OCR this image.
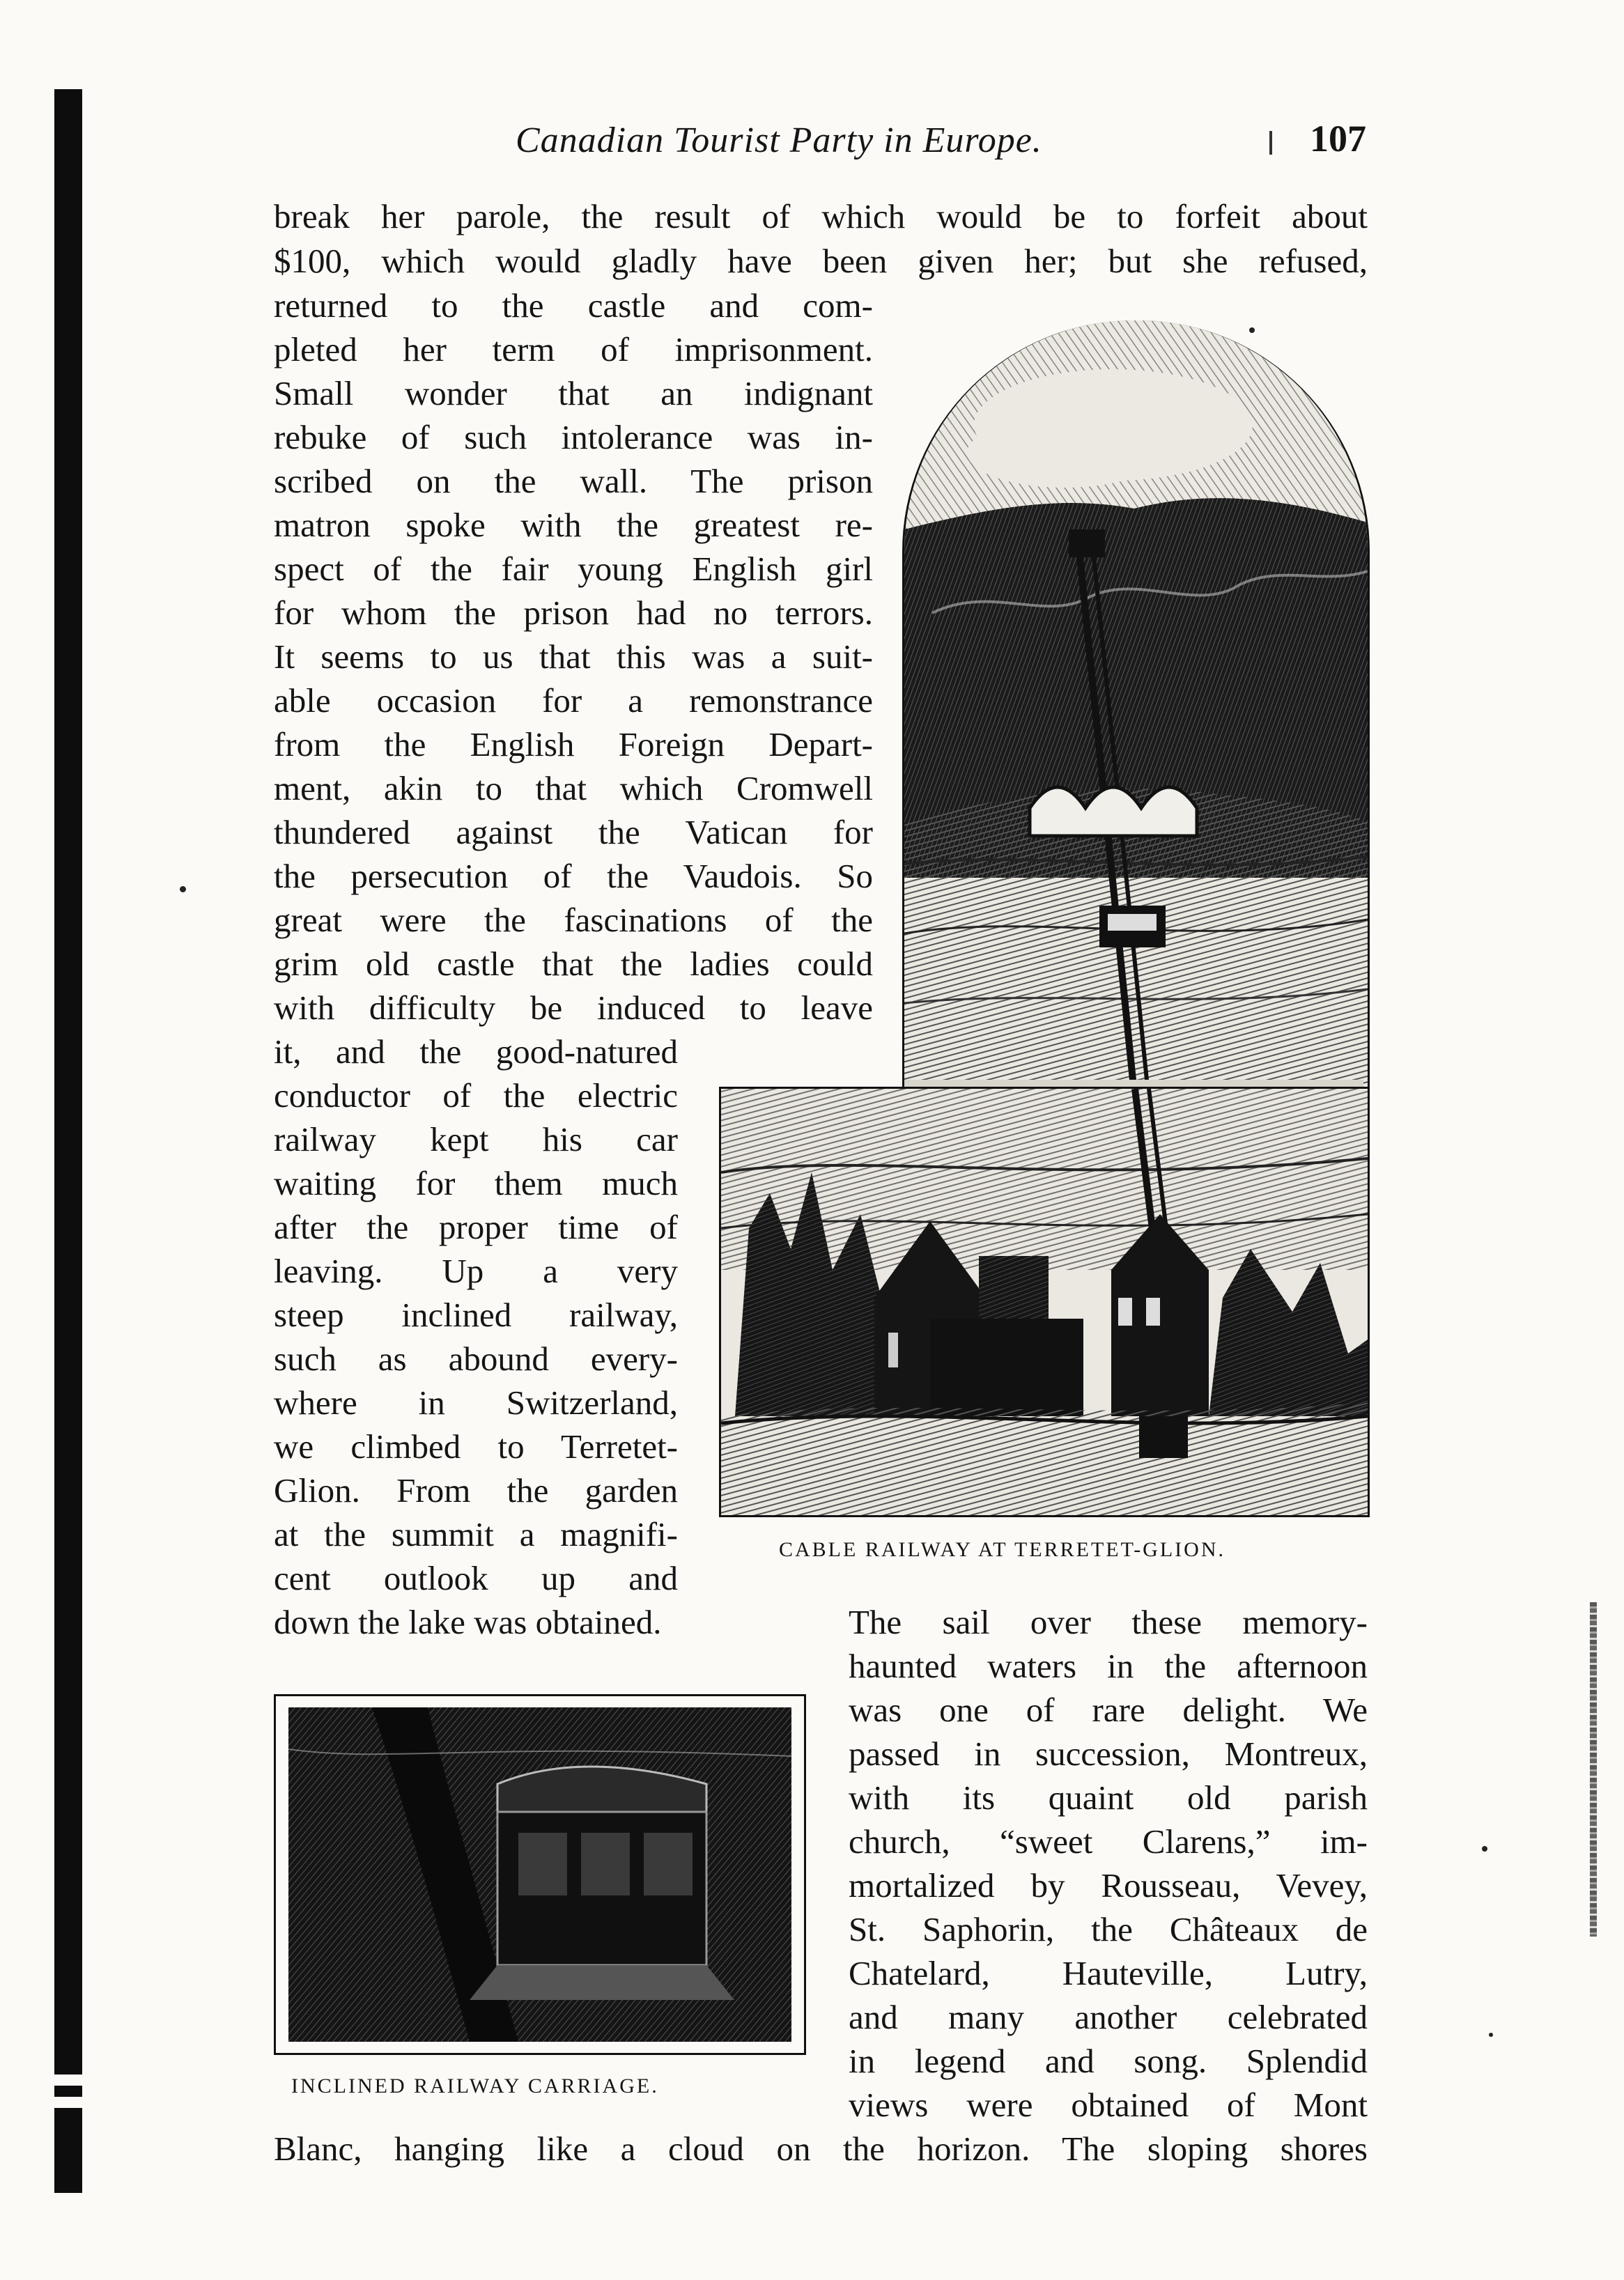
Canadian Tourist Party in Europe.	107
break her parole, the result of which would be to forfeit about
$100, which would gladly have been given her; but she refused,
returned to the castle and com-
pleted her term of imprisonment.
Small wonder that an indignant
rebuke of such intolerance was in-
scribed on the wall. The prison
matron spoke with the greatest re-
spect of the fair young English girl
for whom the prison had no terrors.
It seems to us that this was a suit-
able occasion for a remonstrance
from the English Foreign Depart-
ment, akin to that which Cromwell
thundered against the Vatican for
the persecution of the Vaudois. So
great were the fascinations of the
grim old castle that the ladies could
with difficulty be induced to leave
it, and the good-natured
conductor of the electric
railway kept his car
waiting for them much
after the proper time of
leaving. Up a very
steep inclined railway,
such as abound every-
where in Switzerland,
we climbed to Terretet-
Glion. From the garden
at the summit a magnifi-
cent outlook up and
down the lake was obtained.	The sail over these memory-
haunted waters in the afternoon
was one of rare delight. We
passed in succession, Montreux,
with its quaint old parish
church, “sweet Clarens,” im-
mortalized by Rousseau, Vevey,
St. Saphorin, the Châteaux de
Chatelard, Hauteville, Lutry,
and many another celebrated
in legend and song. Splendid
views were obtained of Mont
Blanc, hanging like a cloud on the horizon. The sloping shores
CABLE RAILWAY AT TERRETET-GLION.
INCLINED RAILWAY CARRIAGE.
